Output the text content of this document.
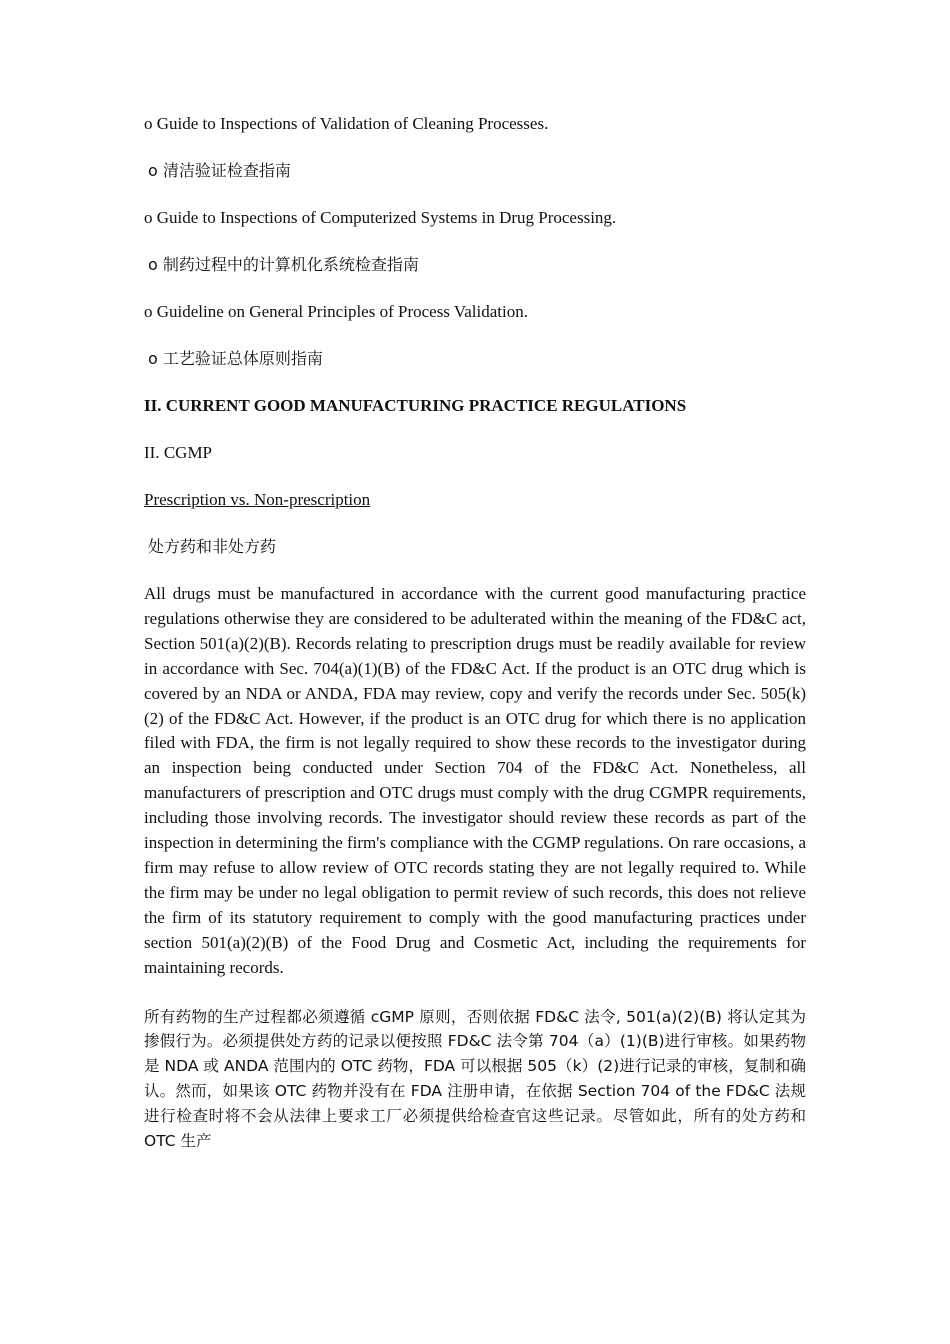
o Guide to Inspections of Validation of Cleaning Processes.
o 清洁验证检查指南
o Guide to Inspections of Computerized Systems in Drug Processing.
o 制药过程中的计算机化系统检查指南
o Guideline on General Principles of Process Validation.
o 工艺验证总体原则指南
II. CURRENT GOOD MANUFACTURING PRACTICE REGULATIONS
II. CGMP
Prescription vs. Non-prescription
处方药和非处方药

All drugs must be manufactured in accordance with the current good manufacturing practice regulations otherwise they are considered to be adulterated within the meaning of the FD&C act, Section 501(a)(2)(B). Records relating to prescription drugs must be readily available for review in accordance with Sec. 704(a)(1)(B) of the FD&C Act. If the product is an OTC drug which is covered by an NDA or ANDA, FDA may review, copy and verify the records under Sec. 505(k)(2) of the FD&C Act. However, if the product is an OTC drug for which there is no application filed with FDA, the firm is not legally required to show these records to the investigator during an inspection being conducted under Section 704 of the FD&C Act. Nonetheless, all manufacturers of prescription and OTC drugs must comply with the drug CGMPR requirements, including those involving records. The investigator should review these records as part of the inspection in determining the firm's compliance with the CGMP regulations. On rare occasions, a firm may refuse to allow review of OTC records stating they are not legally required to. While the firm may be under no legal obligation to permit review of such records, this does not relieve the firm of its statutory requirement to comply with the good manufacturing practices under section 501(a)(2)(B) of the Food Drug and Cosmetic Act, including the requirements for maintaining records.

所有药物的生产过程都必须遵循 cGMP 原则，否则依据 FD&C 法令, 501(a)(2)(B) 将认定其为掺假行为。必须提供处方药的记录以便按照 FD&C 法令第 704（a）(1)(B)进行审核。如果药物是 NDA 或 ANDA 范围内的 OTC 药物，FDA 可以根据 505（k）(2)进行记录的审核，复制和确认。然而，如果该 OTC 药物并没有在 FDA 注册申请，在依据 Section 704 of the FD&C 法规进行检查时将不会从法律上要求工厂必须提供给检查官这些记录。尽管如此，所有的处方药和 OTC 生产
